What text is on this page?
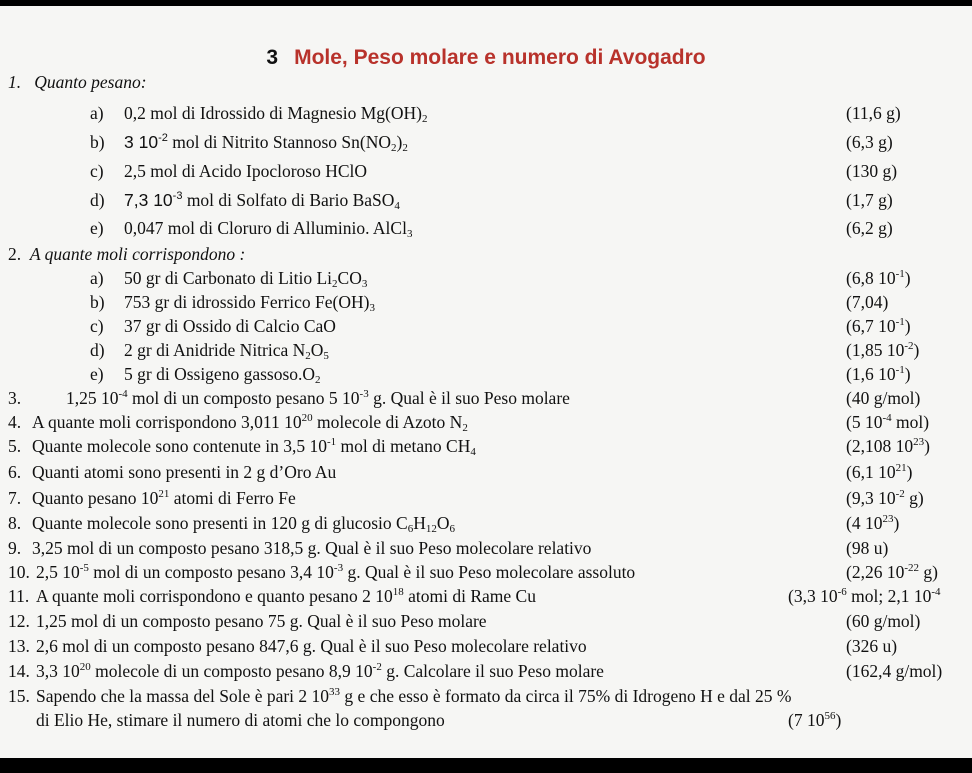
3 Mole, Peso molare e numero di Avogadro
1. Quanto pesano:
a) 0,2 mol di Idrossido di Magnesio $Mg(OH)_2$	(11,6 g)
b) 3 $10^{-2}$ mol di Nitrito Stannoso $Sn(NO_2)_2$	(6,3 g)
c) 2,5 mol di Acido Ipocloroso HClO	(130 g)
d) 7,3 $10^{-3}$ mol di Solfato di Bario BaSO$_4$	(1,7 g)
e) 0,047 mol di Cloruro di Alluminio. AlCl$_3$	(6,2 g)
2. A quante moli corrispondono :
a) 50 gr di Carbonato di Litio $Li_2CO_3$	(6,8 $10^{-1}$)
b) 753 gr di idrossido Ferrico $Fe(OH)_3$	(7,04)
c) 37 gr di Ossido di Calcio CaO	(6,7 $10^{-1}$)
d) 2 gr di Anidride Nitrica $N_2O_5$	(1,85 $10^{-2}$)
e) 5 gr di Ossigeno $gassoso.O_2$	(1,6 $10^{-1}$)
3.	1,25 $10^{-4}$ mol di un composto pesano 5 $10^{-3}$ g. Qual è il suo Peso molare	(40 g/mol)
4. A quante moli corrispondono 3,011 $10^{20}$ molecole di Azoto $N_2$	(5 $10^{-4}$ mol)
5. Quante molecole sono contenute in 3,5 $10^{-1}$ mol di metano $CH_4$	(2,108 $10^{23}$)
6. Quanti atomi sono presenti in 2 g d’Oro Au	(6,1 $10^{21}$)
7. Quanto pesano $10^{21}$ atomi di Ferro Fe	(9,3 $10^{-2}$ g)
8. Quante molecole sono presenti in 120 g di glucosio $C_6H_{12}O_6$	(4 $10^{23}$)
9. 3,25 mol di un composto pesano 318,5 g. Qual è il suo Peso molecolare relativo	(98 u)
10. 2,5 $10^{-5}$ mol di un composto pesano 3,4 $10^{-3}$ g. Qual è il suo Peso molecolare assoluto	(2,26 $10^{-22}$ g)
11. A quante moli corrispondono e quanto pesano 2 $10^{18}$ atomi di Rame Cu	(3,3 $10^{-6}$ mol; 2,1 $10^{-4}$
12. 1,25 mol di un composto pesano 75 g. Qual è il suo Peso molare	(60 g/mol)
13. 2,6 mol di un composto pesano 847,6 g. Qual è il suo Peso molecolare relativo	(326 u)
14. 3,3 $10^{20}$ molecole di un composto pesano 8,9 $10^{-2}$ g. Calcolare il suo Peso molare	(162,4 g/mol)
15. Sapendo che la massa del Sole è pari 2 $10^{33}$ g e che esso è formato da circa il 75% di Idrogeno H e dal 25 %
di Elio He, stimare il numero di atomi che lo compongono	(7 $10^{56}$)
